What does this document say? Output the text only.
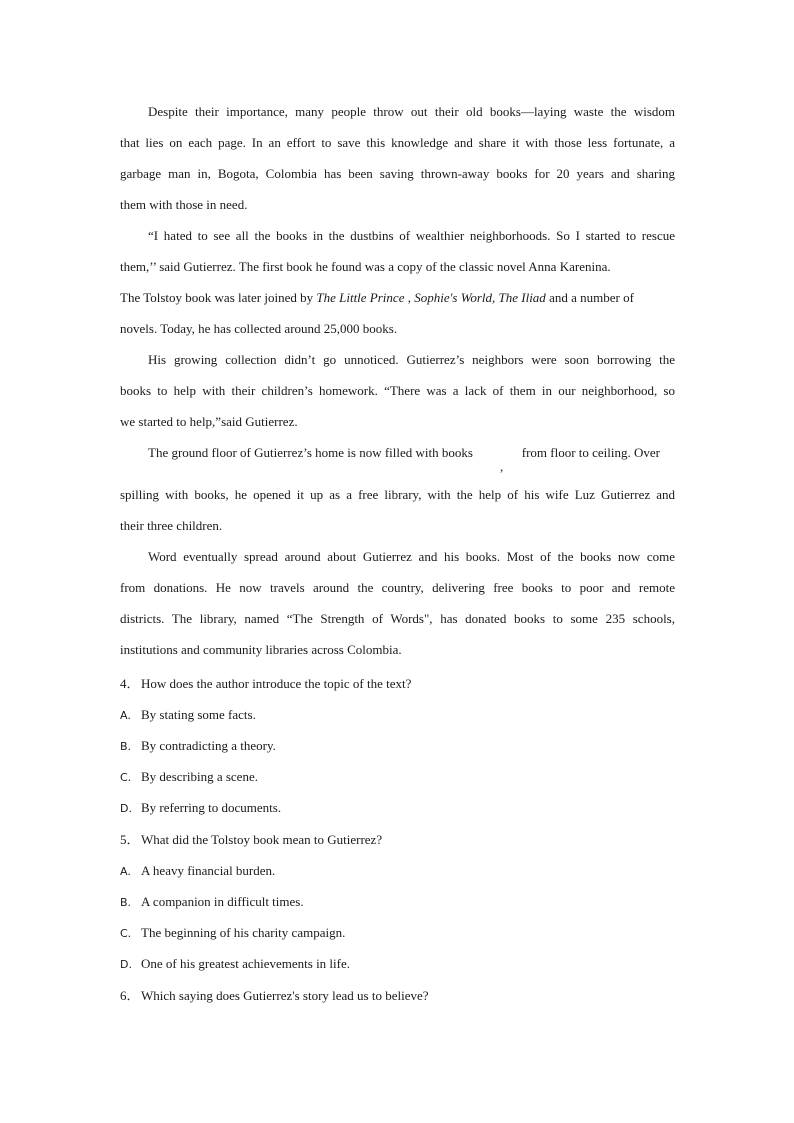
Despite their importance, many people throw out their old books—laying waste the wisdom
that lies on each page. In an effort to save this knowledge and share it with those less fortunate, a
garbage man in, Bogota, Colombia has been saving thrown-away books for 20 years and sharing
them with those in need.
“I hated to see all the books in the dustbins of wealthier neighborhoods. So I started to rescue
them,’’ said Gutierrez. The first book he found was a copy of the classic novel Anna Karenina.
The Tolstoy book was later joined by The Little Prince , Sophie's World, The Iliad and a number of
novels. Today, he has collected around 25,000 books.
His growing collection didn’t go unnoticed. Gutierrez’s neighbors were soon borrowing the
books to help with their children’s homework. “There was a lack of them in our neighborhood, so
we started to help,”said Gutierrez.
The ground floor of Gutierrez’s home is now filled with books
,
from floor to ceiling. Over
spilling with books, he opened it up as a free library, with the help of his wife Luz Gutierrez and
their three children.
Word eventually spread around about Gutierrez and his books. Most of the books now come
from donations. He now travels around the country, delivering free books to poor and remote
districts. The library, named “The Strength of Words", has donated books to some 235 schools,
institutions and community libraries across Colombia.
4．How does the author introduce the topic of the text?
A. By stating some facts.
B. By contradicting a theory.
C. By describing a scene.
D. By referring to documents.
5．What did the Tolstoy book mean to Gutierrez?
A. A heavy financial burden.
B. A companion in difficult times.
C. The beginning of his charity campaign.
D. One of his greatest achievements in life.
6．Which saying does Gutierrez's story lead us to believe?
